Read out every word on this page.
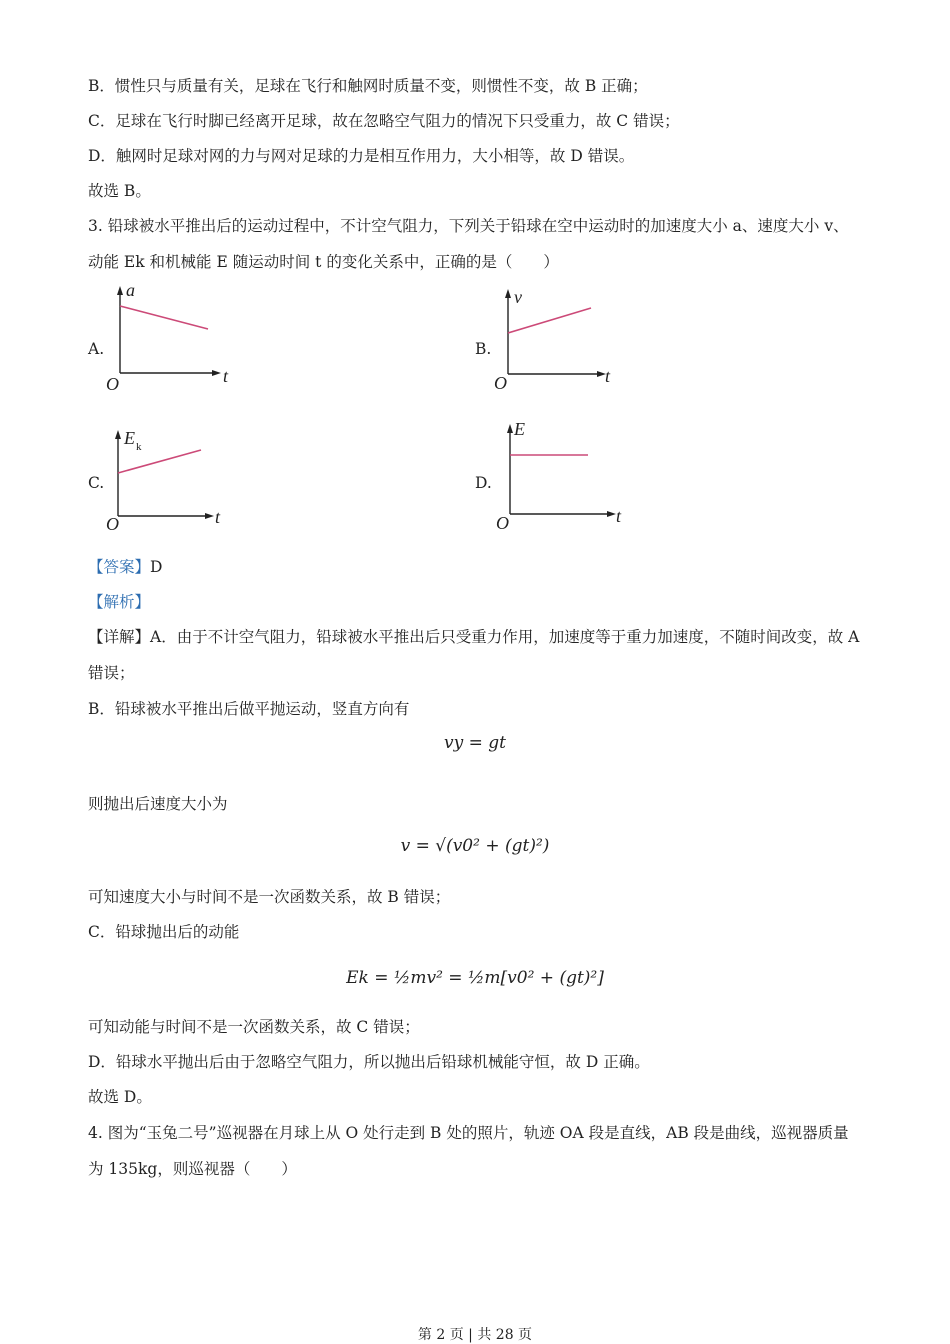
B．惯性只与质量有关，足球在飞行和触网时质量不变，则惯性不变，故 B 正确；
C．足球在飞行时脚已经离开足球，故在忽略空气阻力的情况下只受重力，故 C 错误；
D．触网时足球对网的力与网对足球的力是相互作用力，大小相等，故 D 错误。
故选 B。
3. 铅球被水平推出后的运动过程中，不计空气阻力，下列关于铅球在空中运动时的加速度大小 a、速度大小 v、动能 Ek 和机械能 E 随运动时间 t 的变化关系中，正确的是（　　）
A.
a
t
O
B.
v
t
O
C.
E k
t
O
D.
E
t
O
【答案】D
【解析】
【详解】A．由于不计空气阻力，铅球被水平推出后只受重力作用，加速度等于重力加速度，不随时间改变，故 A 错误；
B．铅球被水平推出后做平抛运动，竖直方向有
vy = gt
则抛出后速度大小为
v = √(v0² + (gt)²)
可知速度大小与时间不是一次函数关系，故 B 错误；
C．铅球抛出后的动能
Ek = ½mv² = ½m[v0² + (gt)²]
可知动能与时间不是一次函数关系，故 C 错误；
D．铅球水平抛出后由于忽略空气阻力，所以抛出后铅球机械能守恒，故 D 正确。
故选 D。
4. 图为“玉兔二号”巡视器在月球上从 O 处行走到 B 处的照片，轨迹 OA 段是直线，AB 段是曲线，巡视器质量为 135kg，则巡视器（　　）
第 2 页 | 共 28 页
